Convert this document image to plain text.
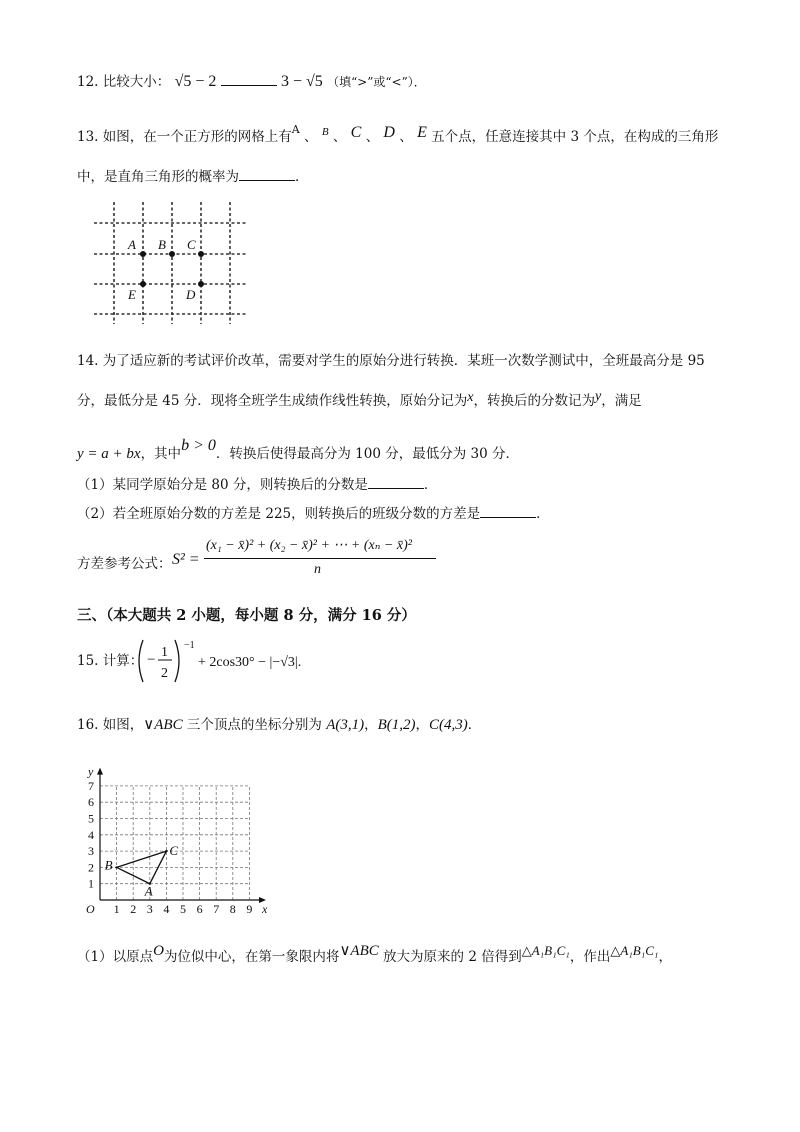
12. 比较大小： √5 − 2	3 − √5 （填“>”或“<”）．
13. 如图，在一个正方形的网格上有$^A$ 、 $^B$ 、 C 、 D 、 E 五个点，任意连接其中 3 个点，在构成的三角形
中，是直角三角形的概率为	．
A B C
E	D
14. 为了适应新的考试评价改革，需要对学生的原始分进行转换．某班一次数学测试中，全班最高分是 95
分，最低分是 45 分．现将全班学生成绩作线性转换，原始分记为x，转换后的分数记为y，满足
y = a + bx，其中b > 0．转换后使得最高分为 100 分，最低分为 30 分．
（1）某同学原始分是 80 分，则转换后的分数是	．
（2）若全班原始分数的方差是 225，则转换后的班级分数的方差是	．
方差参考公式： S² =
(x₁ − x̄)² + (x₂ − x̄)² + ⋯ + (xₙ − x̄)²
n
三、（本大题共 2 小题，每小题 8 分，满分 16 分）
15. 计算： − 1
2
−1
+ 2cos30° − |−√3|.
16. 如图，∨ABC 三个顶点的坐标分别为 A(3,1)，B(1,2)，C(4,3)．
1 2 3 4 5 6 7 8 9
1
2
3
4
5
6
7
O	x
y
A
B
C
（1）以原点O为位似中心，在第一象限内将∨ABC 放大为原来的 2 倍得到△A₁B₁C₁，作出△A₁B₁C₁，
